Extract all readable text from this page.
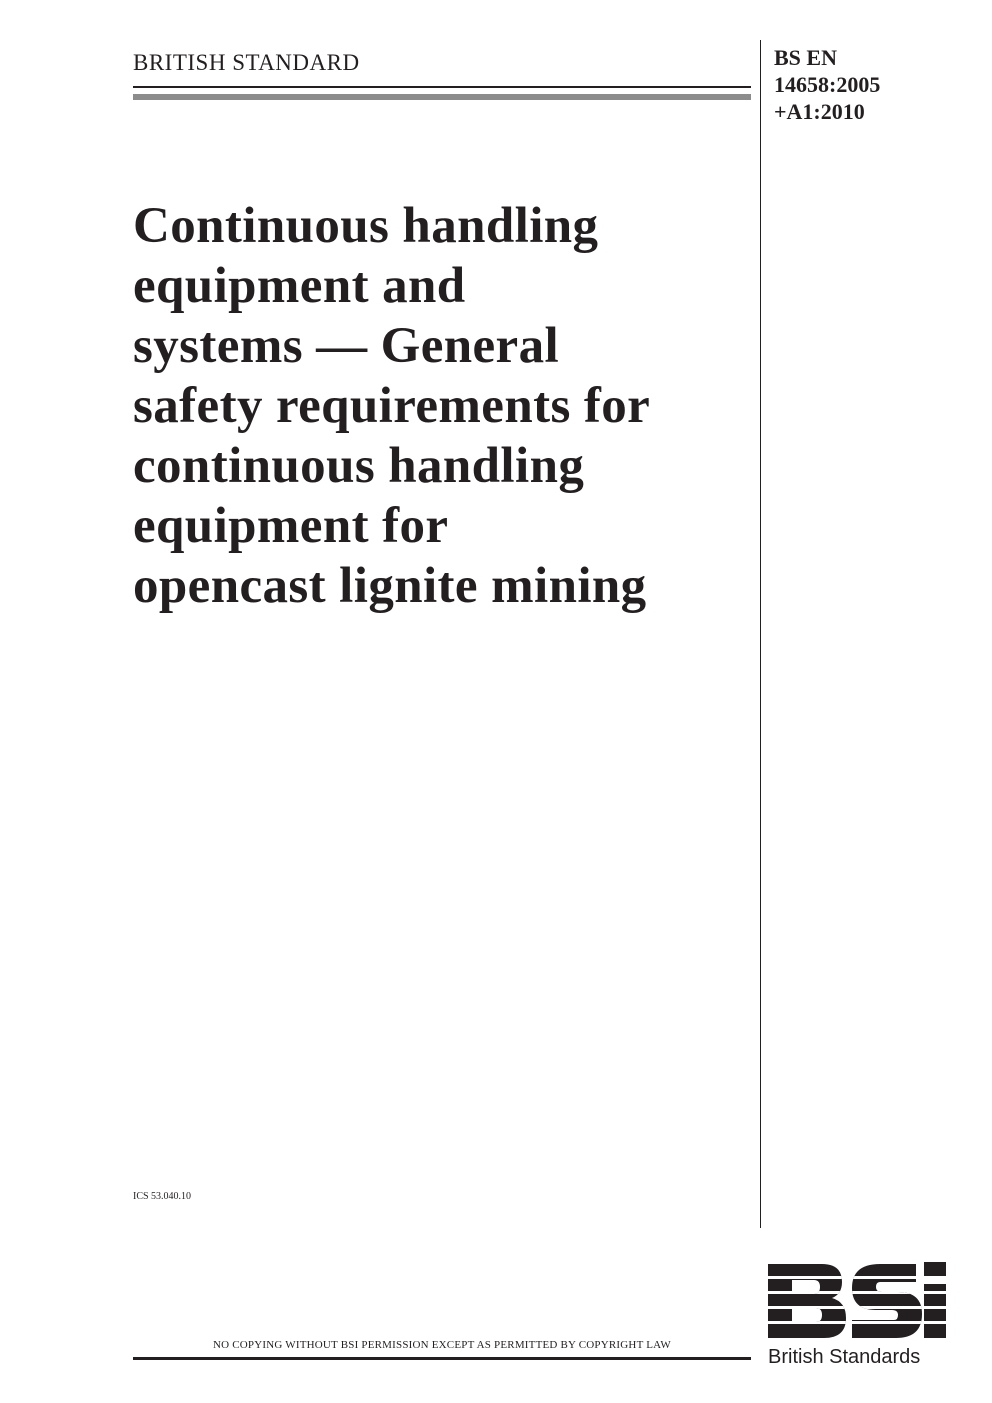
BRITISH STANDARD	BS EN
14658:2005
+A1:2010
Continuous handling
equipment and
systems — General
safety requirements for
continuous handling
equipment for
opencast lignite mining
ICS 53.040.10
NO COPYING WITHOUT BSI PERMISSION EXCEPT AS PERMITTED BY COPYRIGHT LAW
British Standards
